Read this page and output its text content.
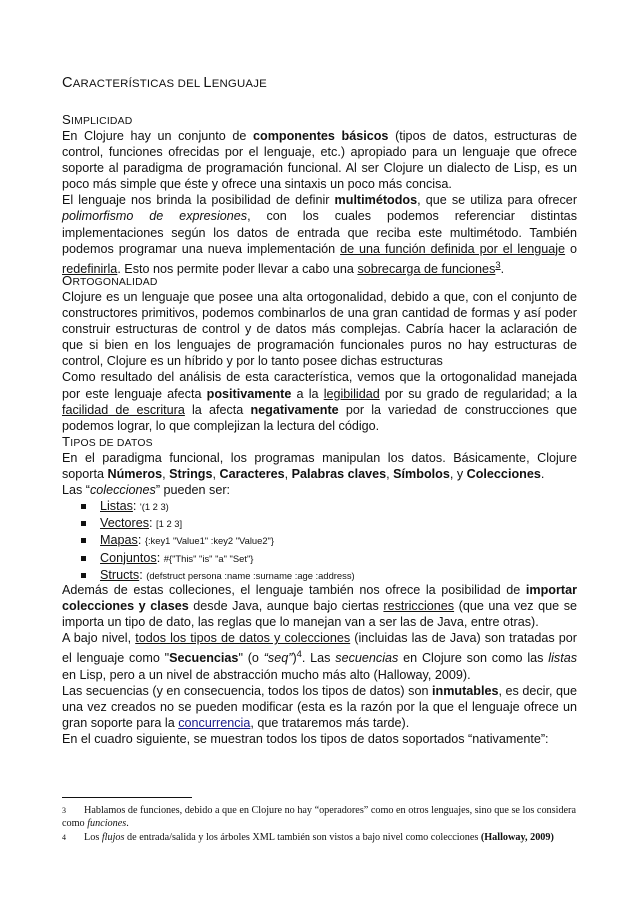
CARACTERÍSTICAS DEL LENGUAJE
SIMPLICIDAD

En Clojure hay un conjunto de componentes básicos (tipos de datos, estructuras de control, funciones ofrecidas por el lenguaje, etc.) apropiado para un lenguaje que ofrece soporte al paradigma de programación funcional. Al ser Clojure un dialecto de Lisp, es un poco más simple que éste y ofrece una sintaxis un poco más concisa.

El lenguaje nos brinda la posibilidad de definir multimétodos, que se utiliza para ofrecer polimorfismo de expresiones, con los cuales podemos referenciar distintas implementaciones según los datos de entrada que reciba este multimétodo. También podemos programar una nueva implementación de una función definida por el lenguaje o redefinirla. Esto nos permite poder llevar a cabo una sobrecarga de funciones$^3$.

ORTOGONALIDAD

Clojure es un lenguaje que posee una alta ortogonalidad, debido a que, con el conjunto de constructores primitivos, podemos combinarlos de una gran cantidad de formas y así poder construir estructuras de control y de datos más complejas. Cabría hacer la aclaración de que si bien en los lenguajes de programación funcionales puros no hay estructuras de control, Clojure es un híbrido y por lo tanto posee dichas estructuras

Como resultado del análisis de esta característica, vemos que la ortogonalidad manejada por este lenguaje afecta positivamente a la legibilidad por su grado de regularidad; a la facilidad de escritura la afecta negativamente por la variedad de construcciones que podemos lograr, lo que complejizan la lectura del código.

TIPOS DE DATOS

En el paradigma funcional, los programas manipulan los datos. Básicamente, Clojure soporta Números, Strings, Caracteres, Palabras claves, Símbolos, y Colecciones.

Las “colecciones” pueden ser:

Listas: '(1 2 3)
Vectores: [1 2 3]
Mapas: {:key1 "Value1" :key2 "Value2"}
Conjuntos: #{"This" "is" "a" "Set"}
Structs: (defstruct persona :name :surname :age :address)

Además de estas colleciones, el lenguaje también nos ofrece la posibilidad de importar colecciones y clases desde Java, aunque bajo ciertas restricciones (que una vez que se importa un tipo de dato, las reglas que lo manejan van a ser las de Java, entre otras).

A bajo nivel, todos los tipos de datos y colecciones (incluidas las de Java) son tratadas por el lenguaje como "Secuencias" (o “seq”)$^4$. Las secuencias en Clojure son como las listas en Lisp, pero a un nivel de abstracción mucho más alto (Halloway, 2009).

Las secuencias (y en consecuencia, todos los tipos de datos) son inmutables, es decir, que una vez creados no se pueden modificar (esta es la razón por la que el lenguaje ofrece un gran soporte para la concurrencia, que trataremos más tarde).

En el cuadro siguiente, se muestran todos los tipos de datos soportados “nativamente”:

3 Hablamos de funciones, debido a que en Clojure no hay “operadores” como en otros lenguajes, sino que se los considera como funciones.
4 Los flujos de entrada/salida y los árboles XML también son vistos a bajo nivel como colecciones (Halloway, 2009)
